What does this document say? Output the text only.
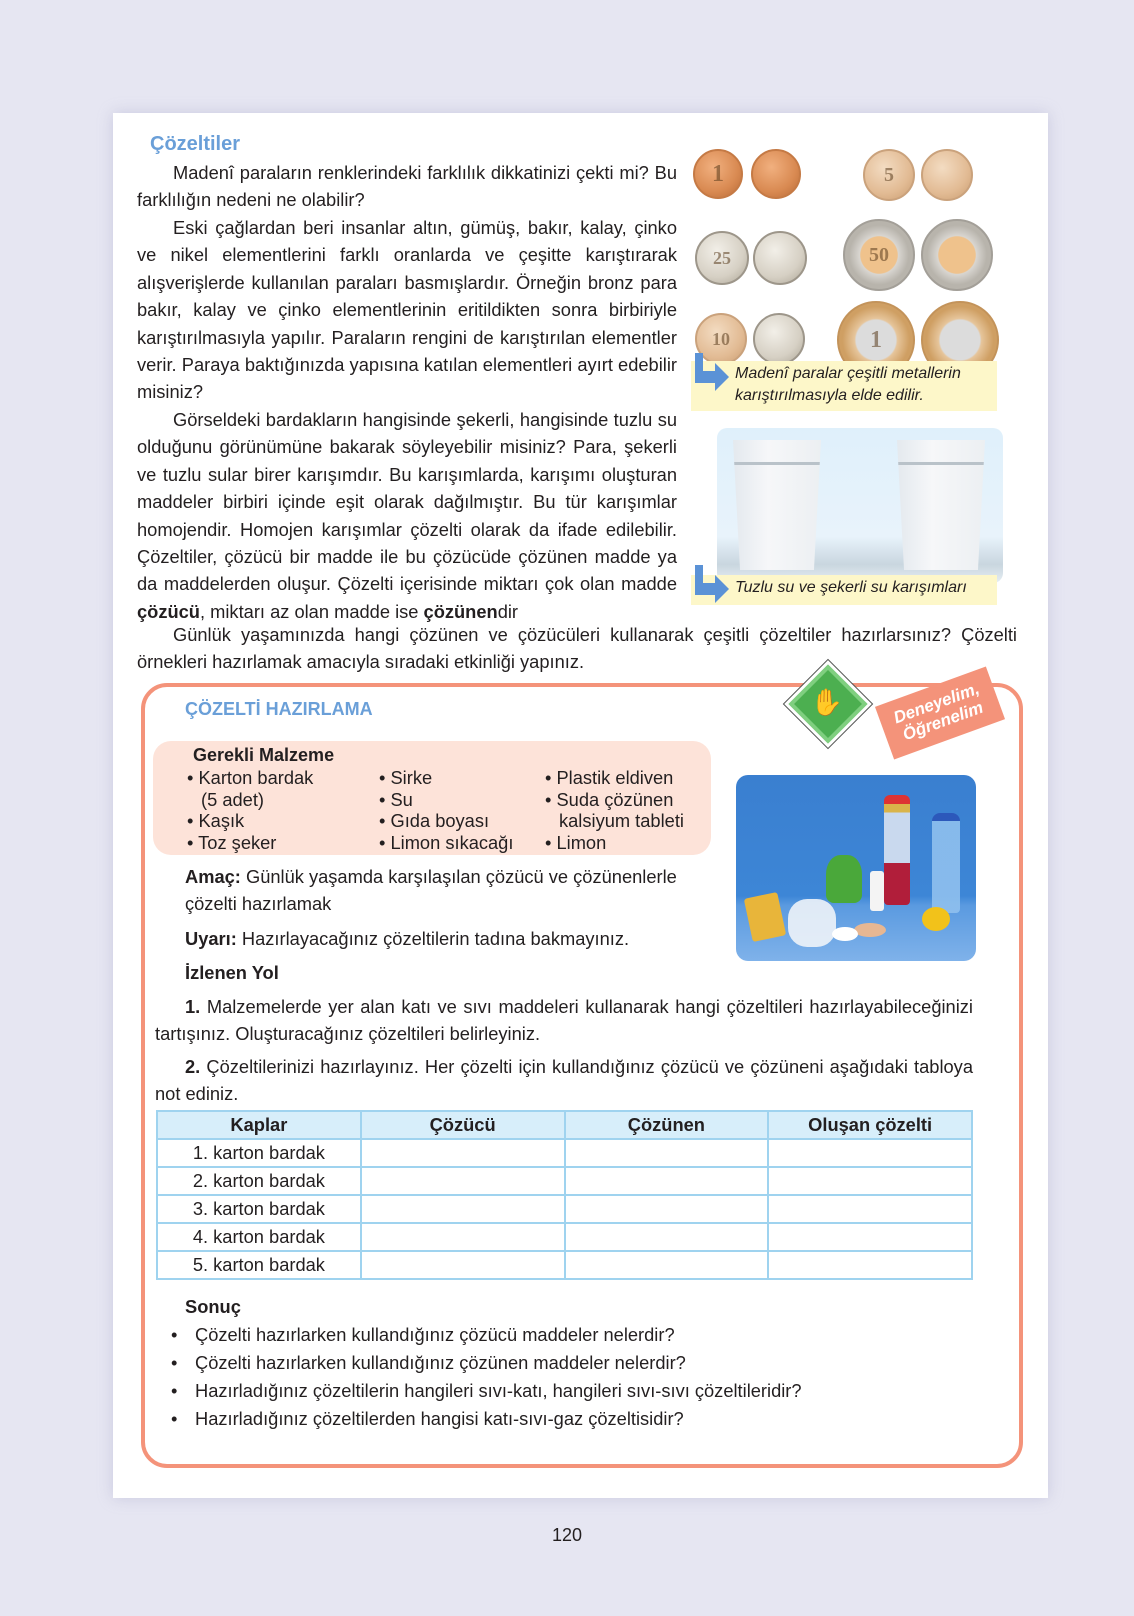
Çözeltiler
Madenî paraların renklerindeki farklılık dikkatinizi çekti mi? Bu farklılığın nedeni ne olabilir?
Eski çağlardan beri insanlar altın, gümüş, bakır, kalay, çinko ve nikel elementlerini farklı oranlarda ve çeşitte karıştırarak alışverişlerde kullanılan paraları basmışlardır. Örneğin bronz para bakır, kalay ve çinko elementlerinin eritildikten sonra birbiriyle karıştırılmasıyla yapılır. Paraların rengini de karıştırılan elementler verir. Paraya baktığınızda yapısına katılan elementleri ayırt edebilir misiniz?
Görseldeki bardakların hangisinde şekerli, hangisinde tuzlu su olduğunu görünümüne bakarak söyleyebilir misiniz? Para, şekerli ve tuzlu sular birer karışımdır. Bu karışımlarda, karışımı oluşturan maddeler birbiri içinde eşit olarak dağılmıştır. Bu tür karışımlar homojendir. Homojen karışımlar çözelti olarak da ifade edilebilir. Çözeltiler, çözücü bir madde ile bu çözücüde çözünen madde ya da maddelerden oluşur. Çözelti içerisinde miktarı çok olan madde çözücü, miktarı az olan madde ise çözünendir
Günlük yaşamınızda hangi çözünen ve çözücüleri kullanarak çeşitli çözeltiler hazırlarsınız? Çözelti örnekleri hazırlamak amacıyla sıradaki etkinliği yapınız.
1	5
25	50
10	1
Madenî paralar çeşitli metallerin karıştırılmasıyla elde edilir.
Tuzlu su ve şekerli su karışımları
ÇÖZELTİ HAZIRLAMA	✋	Deneyelim, Öğrenelim
Gerekli Malzeme
• Karton bardak
(5 adet)
• Kaşık
• Toz şeker
• Sirke
• Su
• Gıda boyası
• Limon sıkacağı
• Plastik eldiven
• Suda çözünen
kalsiyum tableti
• Limon
Amaç: Günlük yaşamda karşılaşılan çözücü ve çözünenlerle çözelti hazırlamak
Uyarı: Hazırlayacağınız çözeltilerin tadına bakmayınız.
İzlenen Yol
1. Malzemelerde yer alan katı ve sıvı maddeleri kullanarak hangi çözeltileri hazırlayabileceğinizi tartışınız. Oluşturacağınız çözeltileri belirleyiniz.
2. Çözeltilerinizi hazırlayınız. Her çözelti için kullandığınız çözücü ve çözüneni aşağıdaki tabloya not ediniz.
Kaplar	Çözücü	Çözünen	Oluşan çözelti
1. karton bardak			
2. karton bardak			
3. karton bardak			
4. karton bardak			
5. karton bardak			
Sonuç
• Çözelti hazırlarken kullandığınız çözücü maddeler nelerdir?
• Çözelti hazırlarken kullandığınız çözünen maddeler nelerdir?
• Hazırladığınız çözeltilerin hangileri sıvı-katı, hangileri sıvı-sıvı çözeltileridir?
• Hazırladığınız çözeltilerden hangisi katı-sıvı-gaz çözeltisidir?
120
